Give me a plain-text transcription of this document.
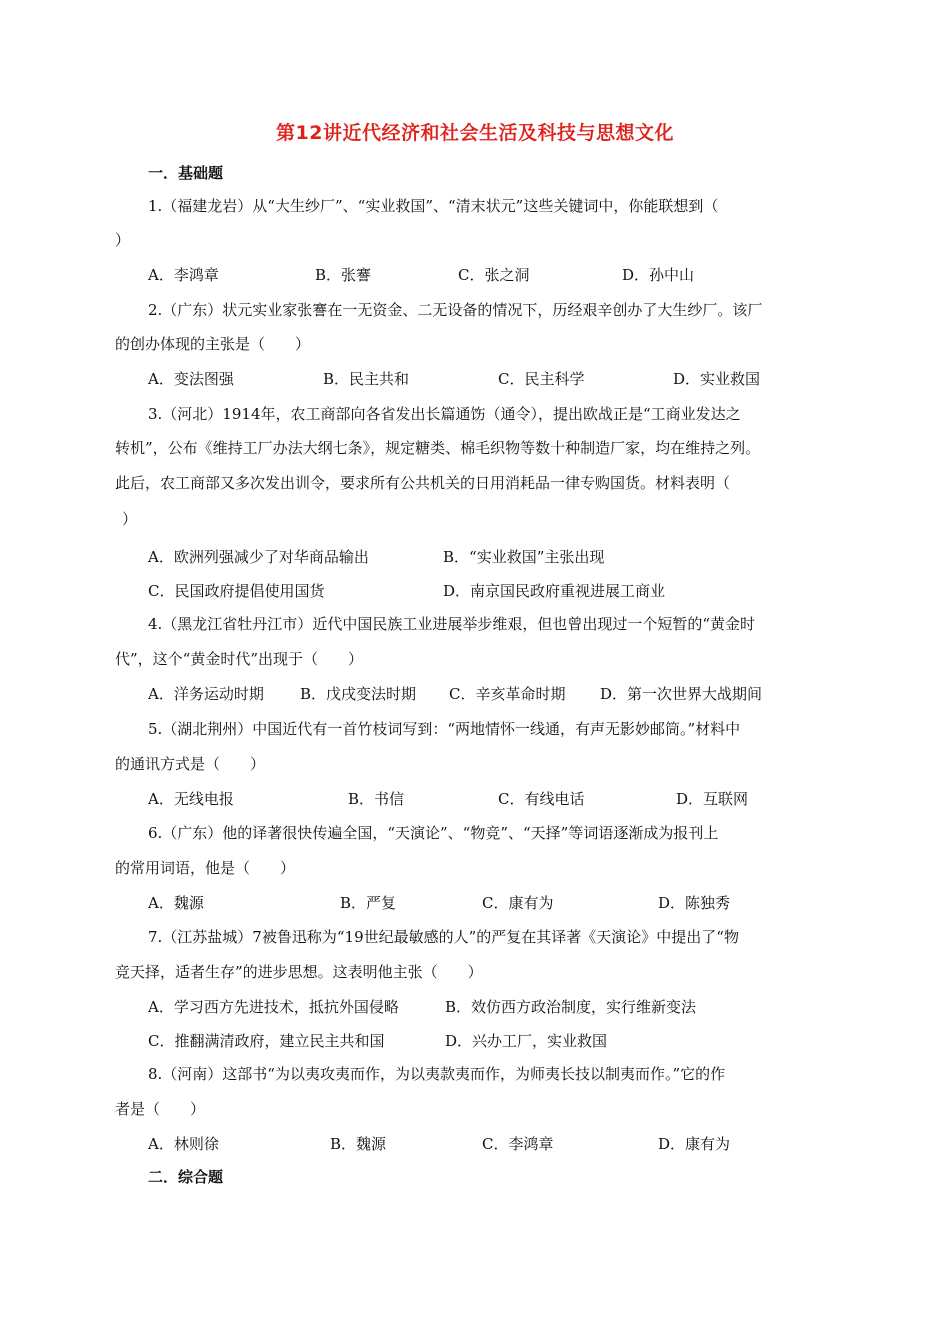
第12讲近代经济和社会生活及科技与思想文化
一．基础题
1.（福建龙岩）从“大生纱厂”、“实业救国”、“清末状元”这些关键词中，你能联想到（
）
A．李鸿章	B．张謇	C．张之洞	D．孙中山
2.（广东）状元实业家张謇在一无资金、二无设备的情况下，历经艰辛创办了大生纱厂。该厂
的创办体现的主张是（　　）
A．变法图强	B．民主共和	C．民主科学	D．实业救国
3.（河北）1914年，农工商部向各省发出长篇通饬（通令），提出欧战正是“工商业发达之
转机”，公布《维持工厂办法大纲七条》，规定糖类、棉毛织物等数十种制造厂家，均在维持之列。
此后，农工商部又多次发出训令，要求所有公共机关的日用消耗品一律专购国货。材料表明（
）
A．欧洲列强减少了对华商品输出	B．“实业救国”主张出现
C．民国政府提倡使用国货	D．南京国民政府重视进展工商业
4.（黑龙江省牡丹江市）近代中国民族工业进展举步维艰，但也曾出现过一个短暂的“黄金时
代”，这个“黄金时代”出现于（　　）
A．洋务运动时期 B．戊戌变法时期 C．辛亥革命时期 D．第一次世界大战期间
5.（湖北荆州）中国近代有一首竹枝词写到：“两地情怀一线通，有声无影妙邮筒。”材料中
的通讯方式是（　　）
A．无线电报	B．书信	C．有线电话	D．互联网
6.（广东）他的译著很快传遍全国，“天演论”、“物竞”、“天择”等词语逐渐成为报刊上
的常用词语，他是（　　）
A．魏源	B．严复	C．康有为	D．陈独秀
7.（江苏盐城）7被鲁迅称为“19世纪最敏感的人”的严复在其译著《天演论》中提出了“物
竞天择，适者生存”的进步思想。这表明他主张（　　）
A．学习西方先进技术，抵抗外国侵略	B．效仿西方政治制度，实行维新变法
C．推翻满清政府，建立民主共和国	D．兴办工厂，实业救国
8.（河南）这部书“为以夷攻夷而作，为以夷款夷而作，为师夷长技以制夷而作。”它的作
者是（　　）
A．林则徐	B．魏源	C．李鸿章	D．康有为
二．综合题
